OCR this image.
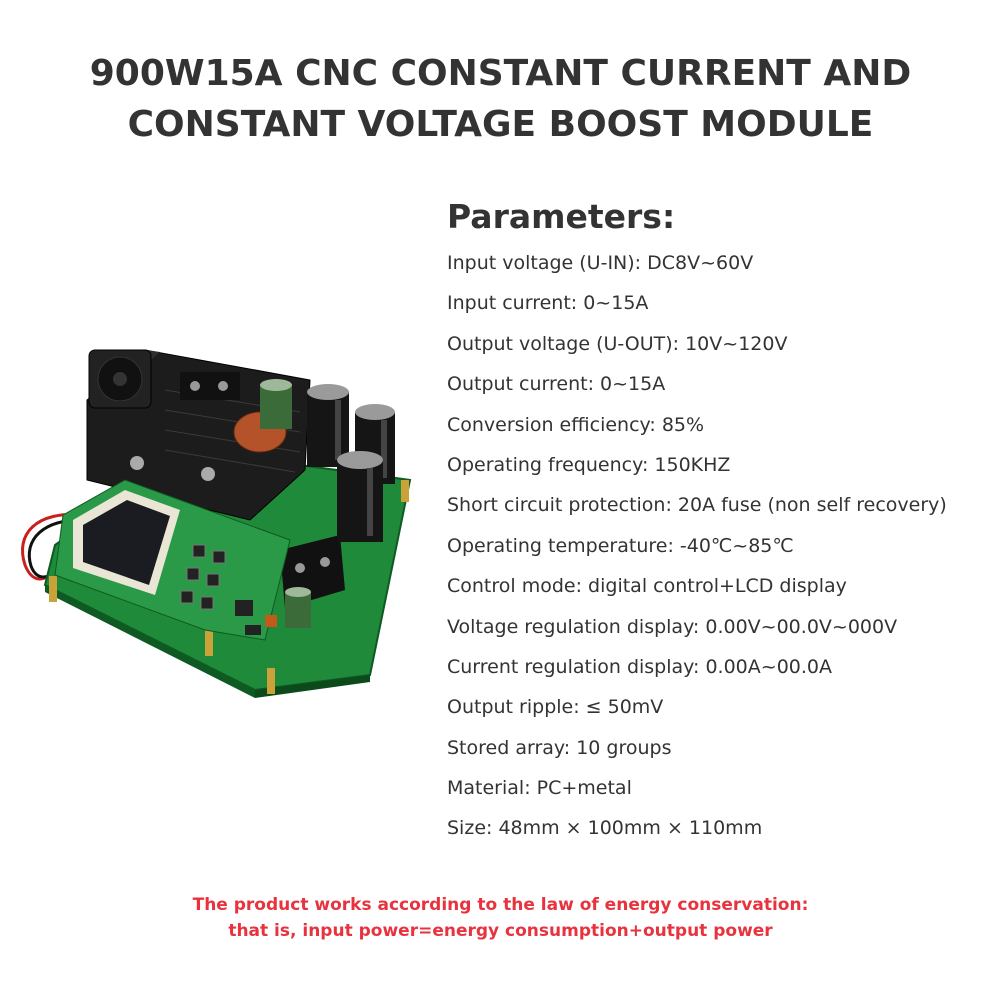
900W15A CNC CONSTANT CURRENT AND
CONSTANT VOLTAGE BOOST MODULE
Parameters:
Input voltage (U-IN): DC8V~60V
Input current: 0~15A
Output voltage (U-OUT): 10V~120V
Output current: 0~15A
Conversion efficiency: 85%
Operating frequency: 150KHZ
Short circuit protection: 20A fuse (non self recovery)
Operating temperature: -40℃~85℃
Control mode: digital control+LCD display
Voltage regulation display: 0.00V~00.0V~000V
Current regulation display: 0.00A~00.0A
Output ripple: ≤ 50mV
Stored array: 10 groups
Material: PC+metal
Size: 48mm × 100mm × 110mm
The product works according to the law of energy conservation:
that is, input power=energy consumption+output power
